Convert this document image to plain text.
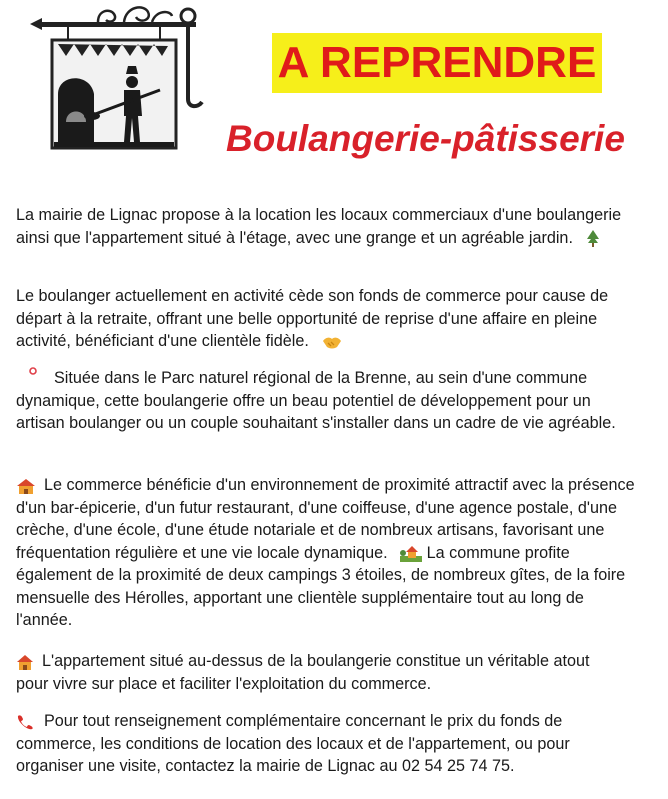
A REPRENDRE
Boulangerie-pâtisserie
La mairie de Lignac propose à la location les locaux commerciaux d'une boulangerie ainsi que l'appartement situé à l'étage, avec une grange et un agréable jardin.
Le boulanger actuellement en activité cède son fonds de commerce pour cause de départ à la retraite, offrant une belle opportunité de reprise d'une affaire en pleine activité, bénéficiant d'une clientèle fidèle.
Située dans le Parc naturel régional de la Brenne, au sein d'une commune dynamique, cette boulangerie offre un beau potentiel de développement pour un artisan boulanger ou un couple souhaitant s'installer dans un cadre de vie agréable.
Le commerce bénéficie d'un environnement de proximité attractif avec la présence d'un bar-épicerie, d'un futur restaurant, d'une coiffeuse, d'une agence postale, d'une crèche, d'une école, d'une étude notariale et de nombreux artisans, favorisant une fréquentation régulière et une vie locale dynamique. La commune profite également de la proximité de deux campings 3 étoiles, de nombreux gîtes, de la foire mensuelle des Hérolles, apportant une clientèle supplémentaire tout au long de l'année.
L'appartement situé au-dessus de la boulangerie constitue un véritable atout pour vivre sur place et faciliter l'exploitation du commerce.
Pour tout renseignement complémentaire concernant le prix du fonds de commerce, les conditions de location des locaux et de l'appartement, ou pour organiser une visite, contactez la mairie de Lignac au 02 54 25 74 75.
